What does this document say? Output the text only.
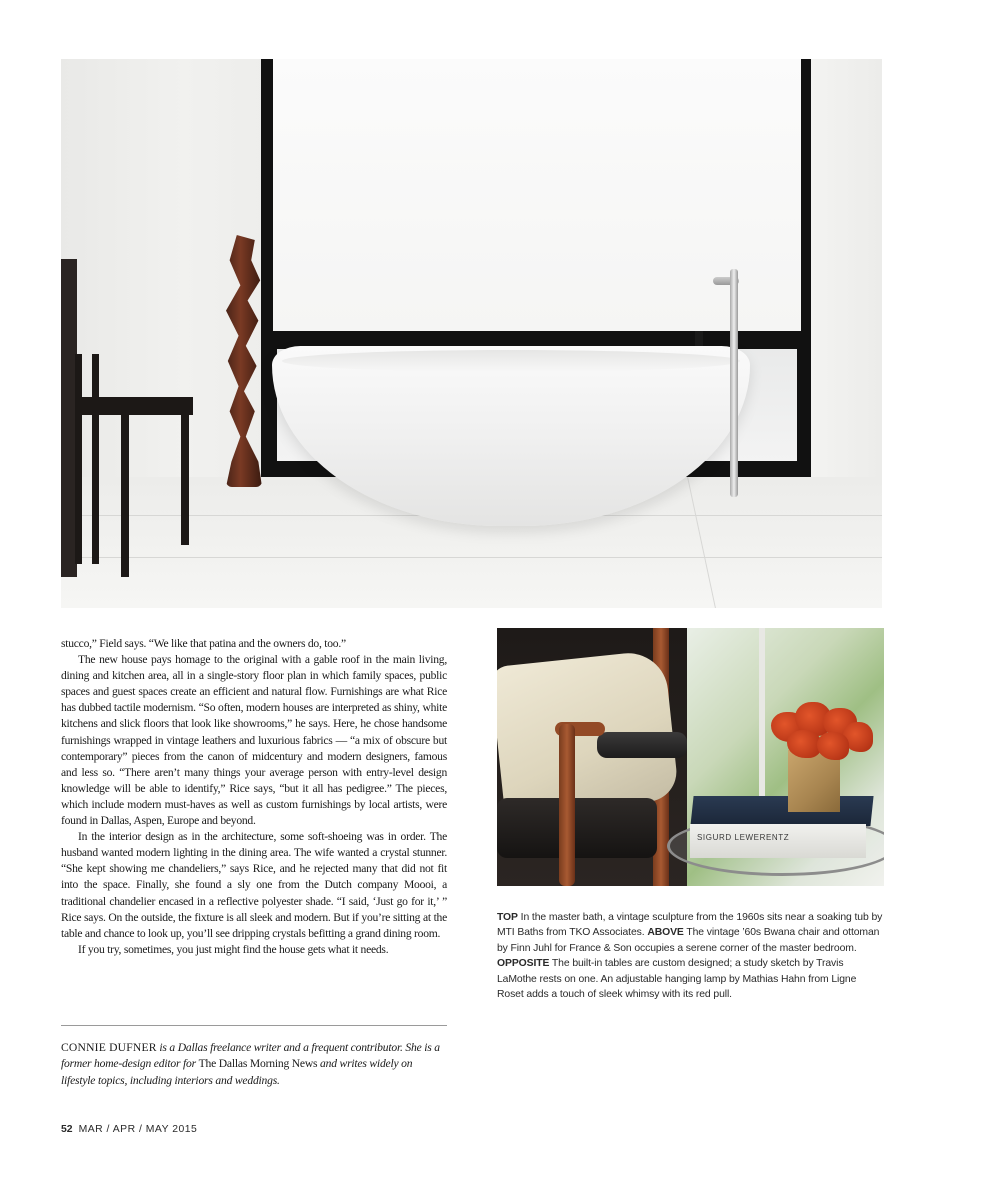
stucco,” Field says. “We like that patina and the owners do, too.”

The new house pays homage to the original with a gable roof in the main living, dining and kitchen area, all in a single-story floor plan in which family spaces, public spaces and guest spaces create an efficient and natural flow. Furnishings are what Rice has dubbed tactile modernism. “So often, modern houses are interpreted as shiny, white kitchens and slick floors that look like showrooms,” he says. Here, he chose handsome furnishings wrapped in vintage leathers and luxurious fabrics — “a mix of obscure but contemporary” pieces from the canon of midcentury and modern designers, famous and less so. “There aren’t many things your average person with entry-level design knowledge will be able to identify,” Rice says, “but it all has pedigree.” The pieces, which include modern must-haves as well as custom furnishings by local artists, were found in Dallas, Aspen, Europe and beyond.

In the interior design as in the architecture, some soft-shoeing was in order. The husband wanted modern lighting in the dining area. The wife wanted a crystal stunner. “She kept showing me chandeliers,” says Rice, and he rejected many that did not fit into the space. Finally, she found a sly one from the Dutch company Moooi, a traditional chandelier encased in a reflective polyester shade. “I said, ‘Just go for it,’ ” Rice says. On the outside, the fixture is all sleek and modern. But if you’re sitting at the table and chance to look up, you’ll see dripping crystals befitting a grand dining room.

If you try, sometimes, you just might find the house gets what it needs.

CONNIE DUFNER is a Dallas freelance writer and a frequent contributor. She is a former home-design editor for The Dallas Morning News and writes widely on lifestyle topics, including interiors and weddings.
SIGURD LEWERENTZ
TOP In the master bath, a vintage sculpture from the 1960s sits near a soaking tub by MTI Baths from TKO Associates. ABOVE The vintage ’60s Bwana chair and ottoman by Finn Juhl for France & Son occupies a serene corner of the master bedroom. OPPOSITE The built-in tables are custom designed; a study sketch by Travis LaMothe rests on one. An adjustable hanging lamp by Mathias Hahn from Ligne Roset adds a touch of sleek whimsy with its red pull.
52 MAR / APR / MAY 2015
